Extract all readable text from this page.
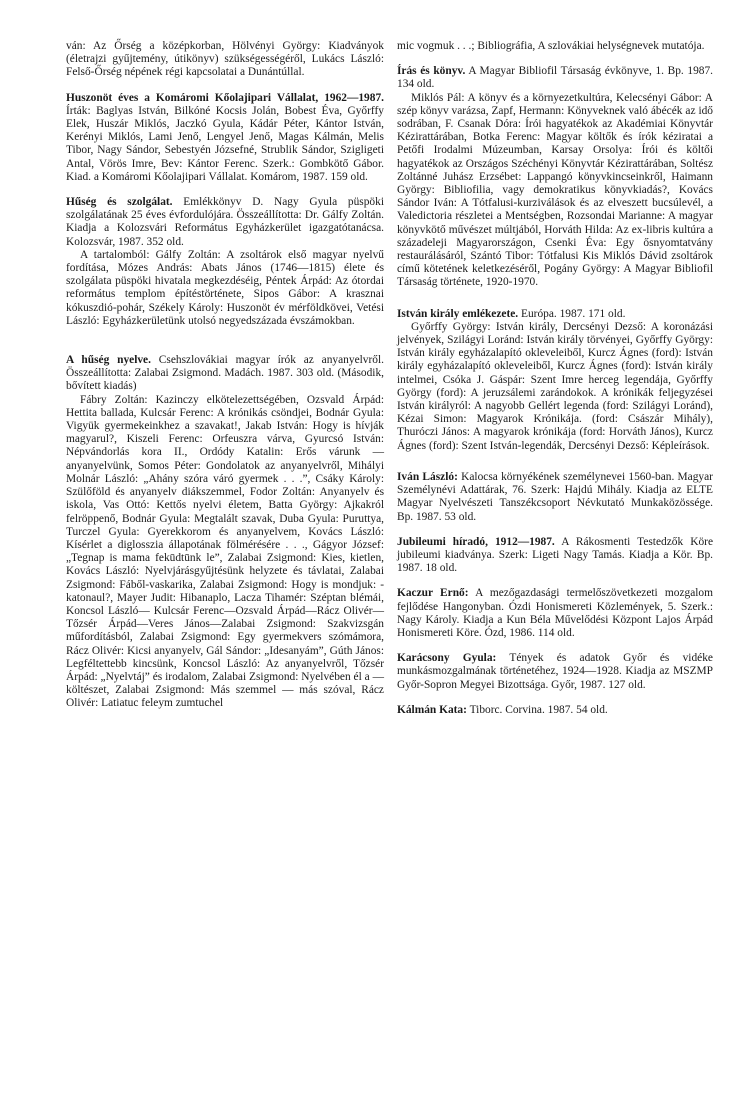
ván: Az Őrség a középkorban, Hölvényi György: Kiadványok (életrajzi gyűjtemény, útikönyv) szükségességéről, Lukács László: Felső-Őrség népének régi kapcsolatai a Dunántúllal.

Huszonöt éves a Komáromi Kőolajipari Vállalat, 1962—1987. Írták: Baglyas István, Bilkóné Kocsis Jolán, Bobest Éva, Győrffy Elek, Huszár Miklós, Jaczkó Gyula, Kádár Péter, Kántor István, Kerényi Miklós, Lami Jenő, Lengyel Jenő, Magas Kálmán, Melis Tibor, Nagy Sándor, Sebestyén Józsefné, Strublik Sándor, Szigligeti Antal, Vörös Imre, Bev: Kántor Ferenc. Szerk.: Gombkötő Gábor. Kiad. a Komáromi Kőolajipari Vállalat. Komárom, 1987. 159 old.

Hűség és szolgálat. Emlékkönyv D. Nagy Gyula püspöki szolgálatának 25 éves évfordulójára. Összeállította: Dr. Gálfy Zoltán. Kiadja a Kolozsvári Református Egyházkerület igazgatótanácsa. Kolozsvár, 1987. 352 old.

A tartalomból: Gálfy Zoltán: A zsoltárok első magyar nyelvű fordítása, Mózes András: Abats János (1746—1815) élete és szolgálata püspöki hivatala megkezdéséig, Péntek Árpád: Az ótordai református templom építéstörténete, Sipos Gábor: A krasznai kókuszdió-pohár, Székely Károly: Huszonöt év mérföldkövei, Vetési László: Egyházkerületünk utolsó negyedszázada évszámokban.

A hűség nyelve. Csehszlovákiai magyar írók az anyanyelvről. Összeállította: Zalabai Zsigmond. Madách. 1987. 303 old. (Második, bővített kiadás)

Fábry Zoltán: Kazinczy elkötelezettségében, Ozsvald Árpád: Hettita ballada, Kulcsár Ferenc: A krónikás csöndjei, Bodnár Gyula: Vigyük gyermekeinkhez a szavakat!, Jakab István: Hogy is hívják magyarul?, Kiszeli Ferenc: Orfeuszra várva, Gyurcsó István: Népvándorlás kora II., Ordódy Katalin: Erős várunk — anyanyelvünk, Somos Péter: Gondolatok az anyanyelvről, Mihályi Molnár László: „Ahány szóra váró gyermek . . .”, Csáky Károly: Szülőföld és anyanyelv diákszemmel, Fodor Zoltán: Anyanyelv és iskola, Vas Ottó: Kettős nyelvi életem, Batta György: Ajkakról felröppenő, Bodnár Gyula: Megtalált szavak, Duba Gyula: Puruttya, Turczel Gyula: Gyerekkorom és anyanyelvem, Kovács László: Kísérlet a diglosszia állapotának fölmérésére . . ., Gágyor József: „Tegnap is mama fekūdtūnk le”, Zalabai Zsigmond: Kies, kietlen, Kovács László: Nyelvjárásgyűjtésünk helyzete és távlatai, Zalabai Zsigmond: Fáből-vaskarika, Zalabai Zsigmond: Hogy is mondjuk: - katonaul?, Mayer Judit: Hibanaplo, Lacza Tihamér: Széptan blémái, Koncsol László— Kulcsár Ferenc—Ozsvald Árpád—Rácz Olivér— Tőzsér Árpád—Veres János—Zalabai Zsigmond: Szakvizsgán műfordításból, Zalabai Zsigmond: Egy gyermekvers szómámora, Rácz Olivér: Kicsi anyanyelv, Gál Sándor: „Idesanyám”, Gúth János: Legféltettebb kincsünk, Koncsol László: Az anyanyelvről, Tőzsér Árpád: „Nyelvtáj” és irodalom, Zalabai Zsigmond: Nyelvében él a — költészet, Zalabai Zsigmond: Más szemmel — más szóval, Rácz Olivér: Latiatuc feleym zumtuchel

mic vogmuk . . .; Bibliográfia, A szlovákiai helységnevek mutatója.

Írás és könyv. A Magyar Bibliofil Társaság évkönyve, 1. Bp. 1987. 134 old.

Miklós Pál: A könyv és a környezetkultúra, Kelecsényi Gábor: A szép könyv varázsa, Zapf, Hermann: Könyveknek való ábécék az idő sodrában, F. Csanak Dóra: Írói hagyatékok az Akadémiai Könyvtár Kézirattárában, Botka Ferenc: Magyar költők és írók kéziratai a Petőfi Irodalmi Múzeumban, Karsay Orsolya: Írói és költői hagyatékok az Országos Széchényi Könyvtár Kézirattárában, Soltész Zoltánné Juhász Erzsébet: Lappangó könyvkincseinkről, Haimann György: Bibliofilia, vagy demokratikus könyvkiadás?, Kovács Sándor Iván: A Tótfalusi-kurziválások és az elveszett bucsúlevél, a Valedictoria részletei a Mentségben, Rozsondai Marianne: A magyar könyvkötő művészet múltjából, Horváth Hilda: Az ex-libris kultúra a századeleji Magyarországon, Csenki Éva: Egy ősnyomtatvány restaurálásáról, Szántó Tibor: Tótfalusi Kis Miklós Dávid zsoltárok című kötetének keletkezéséről, Pogány György: A Magyar Bibliofil Társaság története, 1920-1970.

István király emlékezete. Európa. 1987. 171 old.

Győrffy György: István király, Dercsényi Dezső: A koronázási jelvények, Szilágyi Loránd: István király törvényei, Győrffy György: István király egyházalapító okleveleiből, Kurcz Ágnes (ford): István király egyházalapító okleveleiből, Kurcz Ágnes (ford): István király intelmei, Csóka J. Gáspár: Szent Imre herceg legendája, Győrffy György (ford): A jeruzsálemi zarándokok. A krónikák feljegyzései István királyról: A nagyobb Gellért legenda (ford: Szilágyi Loránd), Kézai Simon: Magyarok Krónikája. (ford: Császár Mihály), Thuróczi János: A magyarok krónikája (ford: Horváth János), Kurcz Ágnes (ford): Szent István-legendák, Dercsényi Dezső: Képleírások.

Iván László: Kalocsa környékének személynevei 1560-ban. Magyar Személynévi Adattárak, 76. Szerk: Hajdú Mihály. Kiadja az ELTE Magyar Nyelvészeti Tanszékcsoport Névkutató Munkaközössége. Bp. 1987. 53 old.

Jubileumi híradó, 1912—1987. A Rákosmenti Testedzők Köre jubileumi kiadványa. Szerk: Ligeti Nagy Tamás. Kiadja a Kör. Bp. 1987. 18 old.

Kaczur Ernő: A mezőgazdasági termelőszövetkezeti mozgalom fejlődése Hangonyban. Ózdi Honismereti Közlemények, 5. Szerk.: Nagy Károly. Kiadja a Kun Béla Művelődési Központ Lajos Árpád Honismereti Köre. Ózd, 1986. 114 old.

Karácsony Gyula: Tények és adatok Győr és vidéke munkásmozgalmának történetéhez, 1924—1928. Kiadja az MSZMP Győr-Sopron Megyei Bizottsága. Győr, 1987. 127 old.

Kálmán Kata: Tiborc. Corvina. 1987. 54 old.
